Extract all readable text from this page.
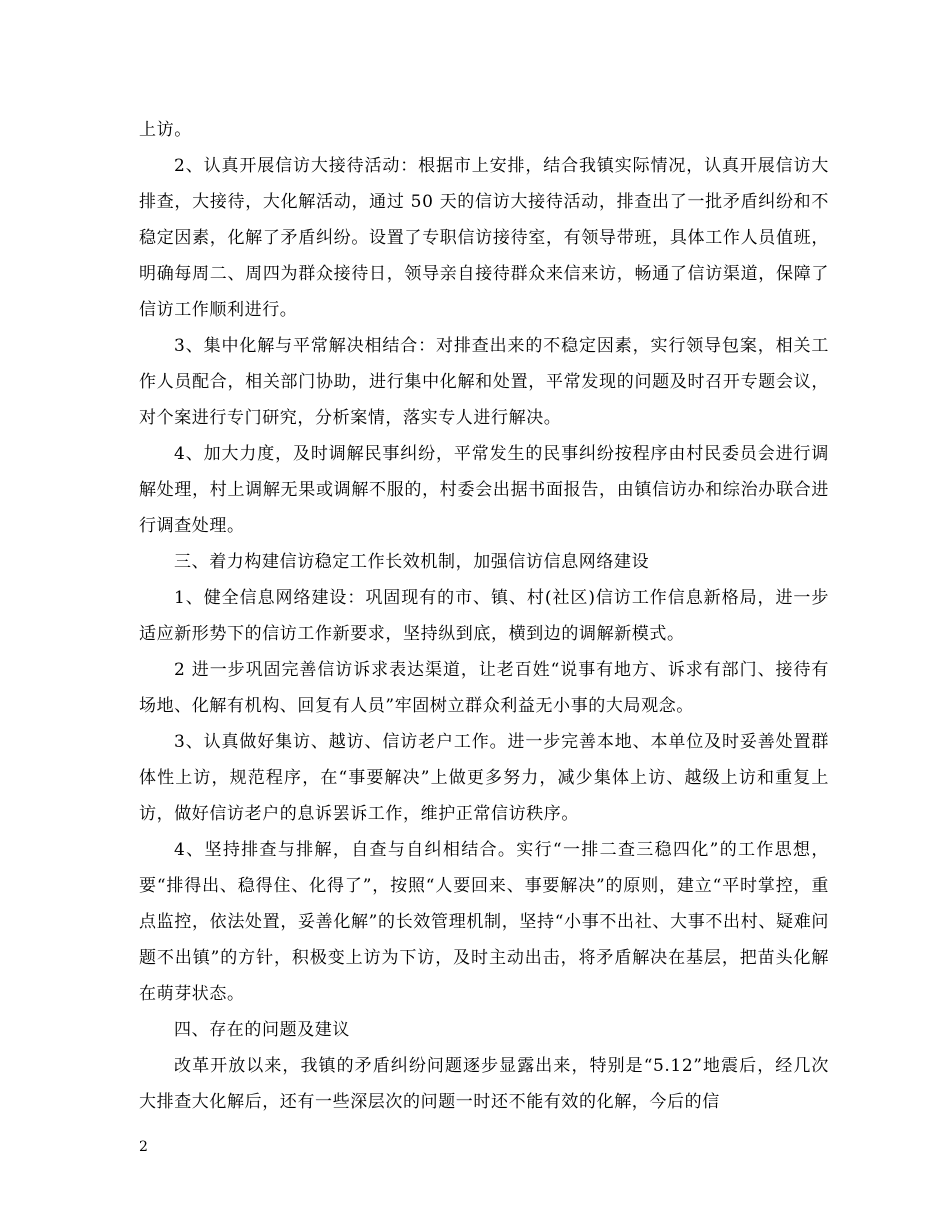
上访。

2、认真开展信访大接待活动：根据市上安排，结合我镇实际情况，认真开展信访大排查，大接待，大化解活动，通过 50 天的信访大接待活动，排查出了一批矛盾纠纷和不稳定因素，化解了矛盾纠纷。设置了专职信访接待室，有领导带班，具体工作人员值班，明确每周二、周四为群众接待日，领导亲自接待群众来信来访，畅通了信访渠道，保障了信访工作顺利进行。

3、集中化解与平常解决相结合：对排查出来的不稳定因素，实行领导包案，相关工作人员配合，相关部门协助，进行集中化解和处置，平常发现的问题及时召开专题会议，对个案进行专门研究，分析案情，落实专人进行解决。

4、加大力度，及时调解民事纠纷，平常发生的民事纠纷按程序由村民委员会进行调解处理，村上调解无果或调解不服的，村委会出据书面报告，由镇信访办和综治办联合进行调查处理。

三、着力构建信访稳定工作长效机制，加强信访信息网络建设

1、健全信息网络建设：巩固现有的市、镇、村(社区)信访工作信息新格局，进一步适应新形势下的信访工作新要求，坚持纵到底，横到边的调解新模式。

2 进一步巩固完善信访诉求表达渠道，让老百姓“说事有地方、诉求有部门、接待有场地、化解有机构、回复有人员”牢固树立群众利益无小事的大局观念。

3、认真做好集访、越访、信访老户工作。进一步完善本地、本单位及时妥善处置群体性上访，规范程序，在“事要解决”上做更多努力，减少集体上访、越级上访和重复上访，做好信访老户的息诉罢诉工作，维护正常信访秩序。

4、坚持排查与排解，自查与自纠相结合。实行“一排二查三稳四化”的工作思想，要“排得出、稳得住、化得了”，按照“人要回来、事要解决”的原则，建立“平时掌控，重点监控，依法处置，妥善化解”的长效管理机制，坚持“小事不出社、大事不出村、疑难问题不出镇”的方针，积极变上访为下访，及时主动出击，将矛盾解决在基层，把苗头化解在萌芽状态。

四、存在的问题及建议

改革开放以来，我镇的矛盾纠纷问题逐步显露出来，特别是“5.12”地震后，经几次大排查大化解后，还有一些深层次的问题一时还不能有效的化解，今后的信

2
